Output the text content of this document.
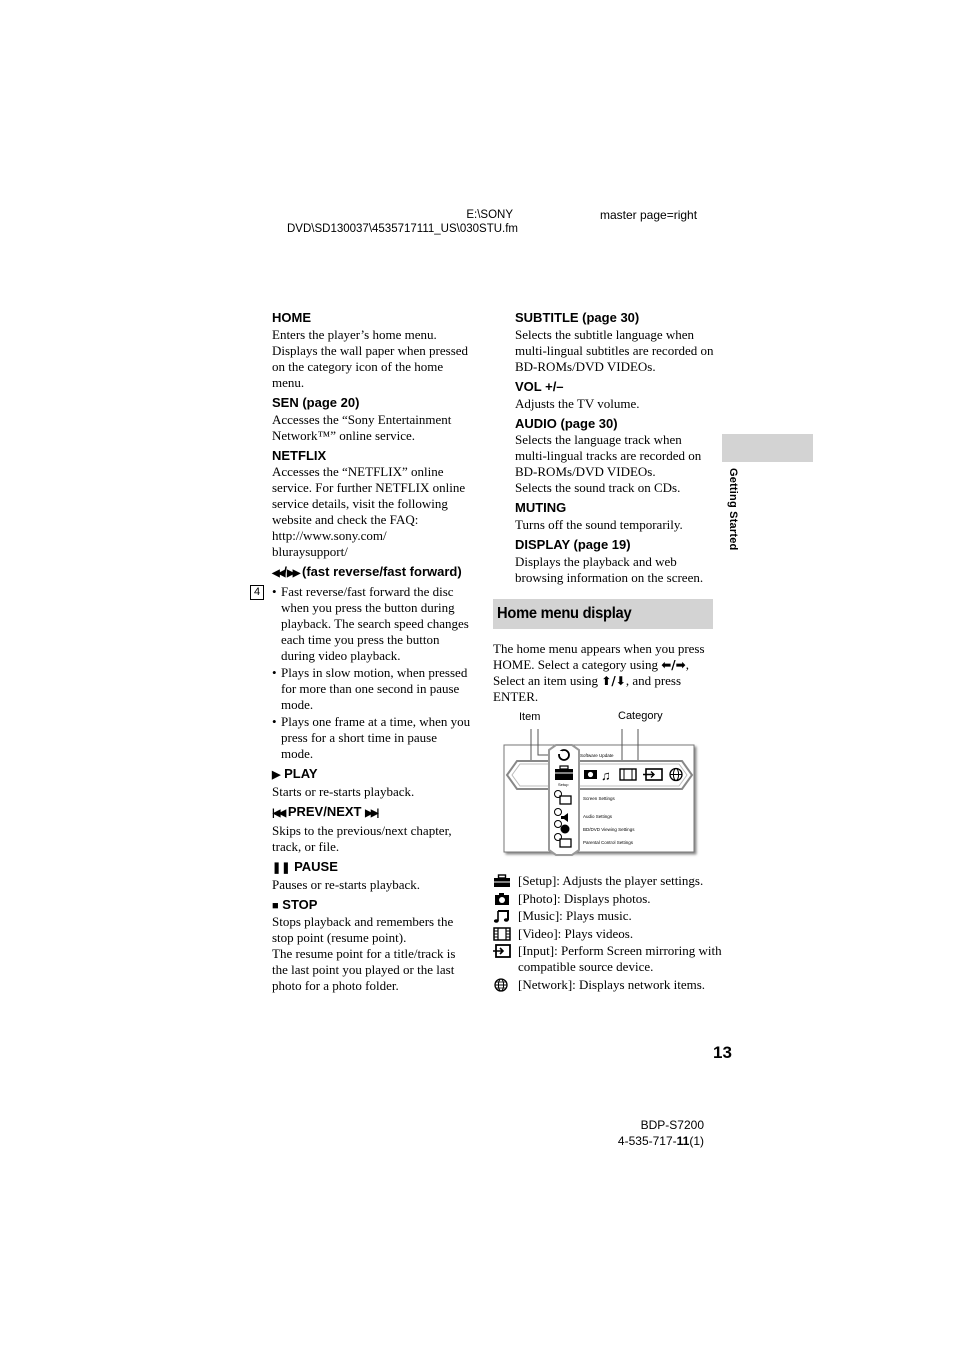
E:\SONY
DVD\SD130037\4535717111_US\030STU.fm
master page=right
Getting Started
4

HOME

Enters the player’s home menu. Displays the wall paper when pressed on the category icon of the home menu.

SEN (page 20)

Accesses the “Sony Entertainment Network™” online service.

NETFLIX

Accesses the “NETFLIX” online service. For further NETFLIX online service details, visit the following website and check the FAQ:

http://www.sony.com/

bluraysupport/

◀◀/▶▶ (fast reverse/fast forward)

• Fast reverse/fast forward the disc when you press the button during playback. The search speed changes each time you press the button during video playback.
• Plays in slow motion, when pressed for more than one second in pause mode.
• Plays one frame at a time, when you press for a short time in pause mode.

▶ PLAY

Starts or re-starts playback.

|◀◀ PREV/NEXT ▶▶|

Skips to the previous/next chapter, track, or file.

❚❚ PAUSE

Pauses or re-starts playback.

■ STOP

Stops playback and remembers the stop point (resume point).

The resume point for a title/track is the last point you played or the last photo for a photo folder.

SUBTITLE (page 30)

Selects the subtitle language when multi-lingual subtitles are recorded on BD-ROMs/DVD VIDEOs.

VOL +/–

Adjusts the TV volume.

AUDIO (page 30)

Selects the language track when multi-lingual tracks are recorded on BD-ROMs/DVD VIDEOs.

Selects the sound track on CDs.

MUTING

Turns off the sound temporarily.

DISPLAY (page 19)

Displays the playback and web browsing information on the screen.

Home menu display
The home menu appears when you press HOME. Select a category using ⬅/➡, Select an item using ⬆/⬇, and press ENTER.
Item	Category
Software Update
Setup
♫
Screen Settings
Audio Settings
BD/DVD Viewing Settings
Parental Control Settings
[Setup]: Adjusts the player settings.
[Photo]: Displays photos.
[Music]: Plays music.
[Video]: Plays videos.
[Input]: Perform Screen mirroring with compatible source device.
[Network]: Displays network items.
13
BDP-S7200
4-535-717-11(1)
